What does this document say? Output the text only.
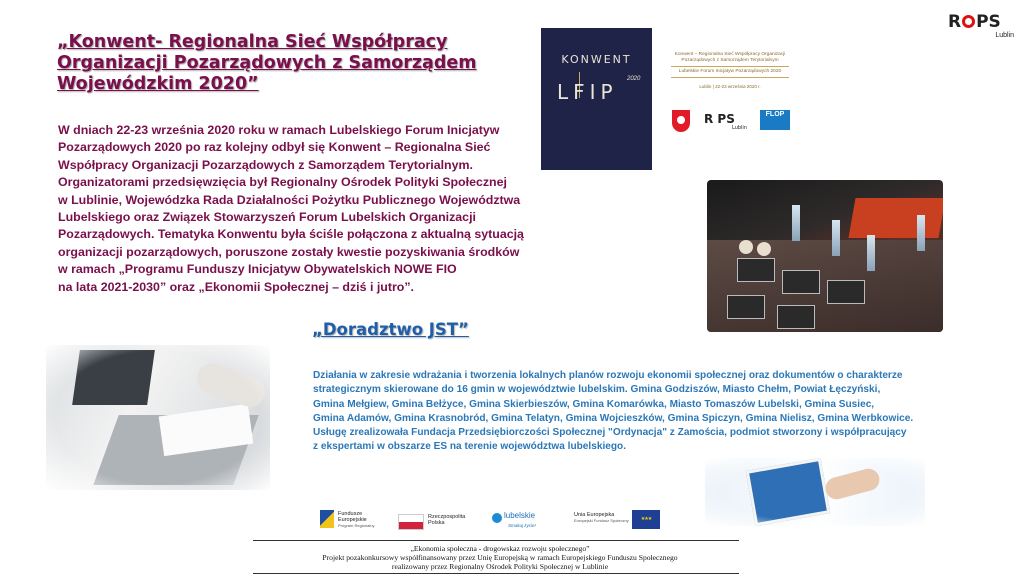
R PS
Lublin
„Konwent- Regionalna Sieć Współpracy
Organizacji Pozarządowych z Samorządem
Wojewódzkim 2020”
W dniach 22-23 września 2020 roku w ramach Lubelskiego Forum Inicjatyw
Pozarządowych 2020 po raz kolejny odbył się Konwent – Regionalna Sieć
Współpracy Organizacji Pozarządowych z Samorządem Terytorialnym.
Organizatorami przedsięwzięcia był Regionalny Ośrodek Polityki Społecznej
w Lublinie, Wojewódzka Rada Działalności Pożytku Publicznego Województwa
Lubelskiego oraz Związek Stowarzyszeń Forum Lubelskich Organizacji
Pozarządowych. Tematyka Konwentu była ściśle połączona z aktualną sytuacją
organizacji pozarządowych, poruszone zostały kwestie pozyskiwania środków
w ramach „Programu Funduszy Inicjatyw Obywatelskich NOWE FIO
na lata 2021-2030” oraz „Ekonomii Społecznej – dziś i jutro”.
KONWENT
LFIP
2020
Konwent – Regionalna Sieć Współpracy Organizacji
Pozarządowych z Samorządem Terytorialnym
Lubelskie Forum Inicjatyw Pozarządowych 2020
Lublin | 22-23 września 2020 r.
R PS
Lublin
FLOP
„Doradztwo JST”
Działania w zakresie wdrażania i tworzenia lokalnych planów rozwoju ekonomii społecznej oraz dokumentów o charakterze
strategicznym skierowane do 16 gmin w województwie lubelskim. Gmina Godziszów, Miasto Chełm, Powiat Łęczyński,
Gmina Mełgiew, Gmina Bełżyce, Gmina Skierbieszów, Gmina Komarówka, Miasto Tomaszów Lubelski, Gmina Susiec,
Gmina Adamów, Gmina Krasnobród, Gmina Telatyn, Gmina Wojcieszków, Gmina Spiczyn, Gmina Nielisz, Gmina Werbkowice.
Usługę zrealizowała Fundacja Przedsiębiorczości Społecznej "Ordynacja" z Zamościa, podmiot stworzony i współpracujący
z ekspertami w obszarze ES na terenie województwa lubelskiego.
Fundusze
Europejskie
Program Regionalny
Rzeczpospolita
Polska
lubelskie
Smakuj życie!
Unia Europejska
Europejski Fundusz Społeczny	★★★
„Ekonomia społeczna - drogowskaz rozwoju społecznego”
Projekt pozakonkursowy współfinansowany przez Unię Europejską w ramach Europejskiego Funduszu Społecznego
realizowany przez Regionalny Ośrodek Polityki Społecznej w Lublinie
